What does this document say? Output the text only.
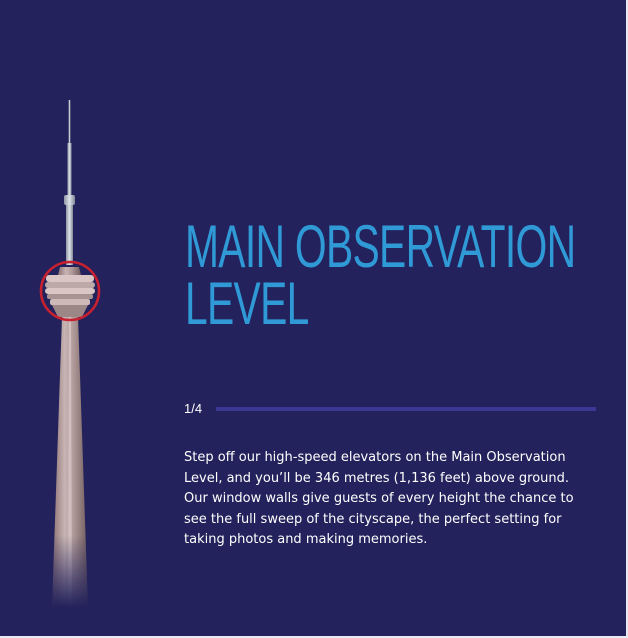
MAIN OBSERVATION
LEVEL
1/4

Step off our high-speed elevators on the Main Observation Level, and you’ll be 346 metres (1,136 feet) above ground. Our window walls give guests of every height the chance to see the full sweep of the cityscape, the perfect setting for taking photos and making memories.
